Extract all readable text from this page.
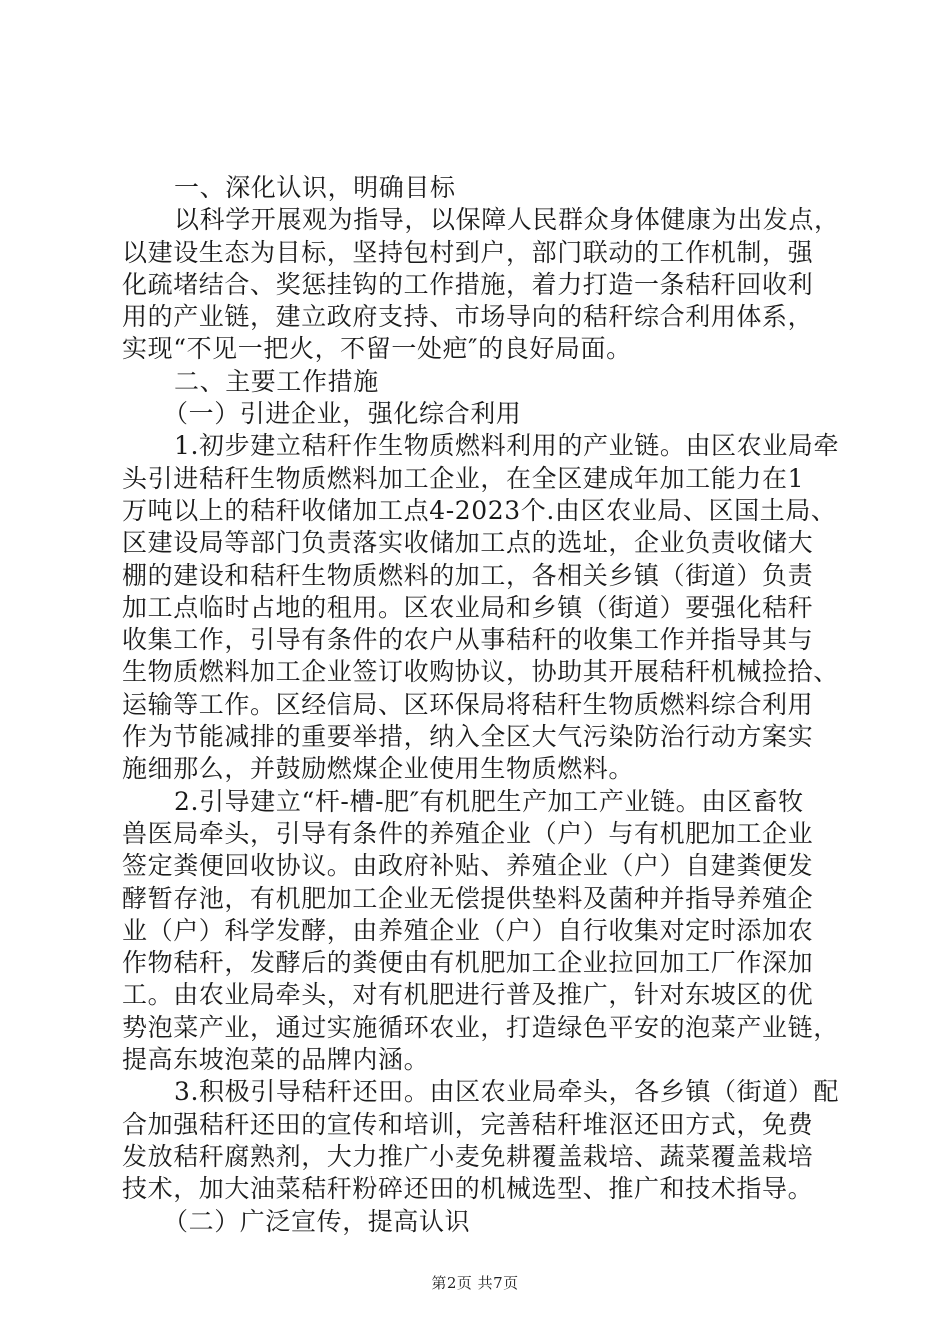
一、深化认识，明确目标
以科学开展观为指导，以保障人民群众身体健康为出发点，
以建设生态为目标，坚持包村到户，部门联动的工作机制，强
化疏堵结合、奖惩挂钩的工作措施，着力打造一条秸秆回收利
用的产业链，建立政府支持、市场导向的秸秆综合利用体系，
实现“不见一把火，不留一处疤″的良好局面。
二、主要工作措施
（一）引进企业，强化综合利用
1.初步建立秸秆作生物质燃料利用的产业链。由区农业局牵
头引进秸秆生物质燃料加工企业，在全区建成年加工能力在1
万吨以上的秸秆收储加工点4-2023个.由区农业局、区国土局、
区建设局等部门负责落实收储加工点的选址，企业负责收储大
棚的建设和秸秆生物质燃料的加工，各相关乡镇（街道）负责
加工点临时占地的租用。区农业局和乡镇（街道）要强化秸秆
收集工作，引导有条件的农户从事秸秆的收集工作并指导其与
生物质燃料加工企业签订收购协议，协助其开展秸秆机械捡拾、
运输等工作。区经信局、区环保局将秸秆生物质燃料综合利用
作为节能减排的重要举措，纳入全区大气污染防治行动方案实
施细那么，并鼓励燃煤企业使用生物质燃料。
2.引导建立“杆-槽-肥″有机肥生产加工产业链。由区畜牧
兽医局牵头，引导有条件的养殖企业（户）与有机肥加工企业
签定粪便回收协议。由政府补贴、养殖企业（户）自建粪便发
酵暂存池，有机肥加工企业无偿提供垫料及菌种并指导养殖企
业（户）科学发酵，由养殖企业（户）自行收集对定时添加农
作物秸秆，发酵后的粪便由有机肥加工企业拉回加工厂作深加
工。由农业局牵头，对有机肥进行普及推广，针对东坡区的优
势泡菜产业，通过实施循环农业，打造绿色平安的泡菜产业链，
提高东坡泡菜的品牌内涵。
3.积极引导秸秆还田。由区农业局牵头，各乡镇（街道）配
合加强秸秆还田的宣传和培训，完善秸秆堆沤还田方式，免费
发放秸秆腐熟剂，大力推广小麦免耕覆盖栽培、蔬菜覆盖栽培
技术，加大油菜秸秆粉碎还田的机械选型、推广和技术指导。
（二）广泛宣传，提高认识
第2页 共7页
